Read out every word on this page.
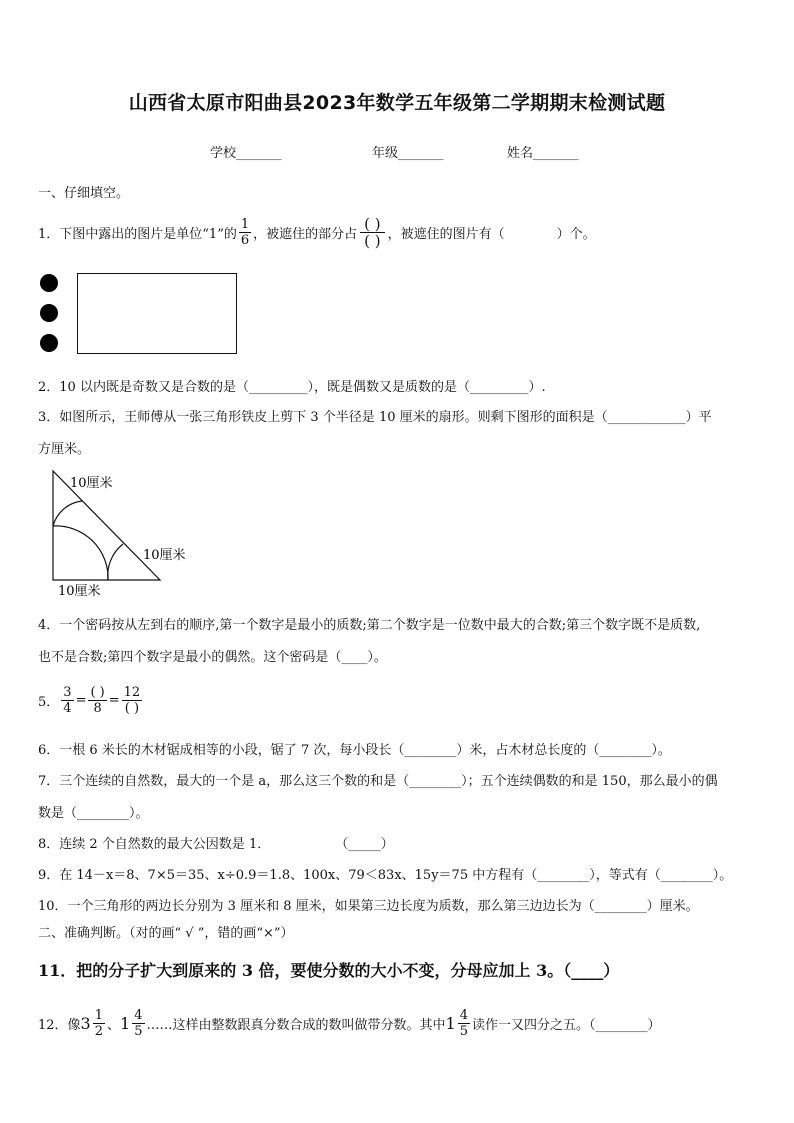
山西省太原市阳曲县2023年数学五年级第二学期期末检测试题
学校_______	年级_______	姓名_______
一、仔细填空。
1．下图中露出的图片是单位“1”的 $\frac{1}{6}$ ，被遮住的部分占 $\frac{( )}{( )}$ ，被遮住的图片有（　　　　）个。
2．10 以内既是奇数又是合数的是（_________），既是偶数又是质数的是（_________）.
3．如图所示，王师傅从一张三角形铁皮上剪下 3 个半径是 10 厘米的扇形。则剩下图形的面积是（____________）平
方厘米。
10厘米
10厘米
10厘米
4．一个密码按从左到右的顺序,第一个数字是最小的质数;第二个数字是一位数中最大的合数;第三个数字既不是质数,
也不是合数;第四个数字是最小的偶然。这个密码是（____）。
5． $\frac{3}{4} = \frac{( )}{8} = \frac{12}{( )}$
6．一根 6 米长的木材锯成相等的小段，锯了 7 次，每小段长（________）米，占木材总长度的（________）。
7．三个连续的自然数，最大的一个是 a，那么这三个数的和是（________）；五个连续偶数的和是 150，那么最小的偶
数是（________）。
8．连续 2 个自然数的最大公因数是 1．　　　　　　（_____）
9．在 14－x＝8、7×5＝35、x÷0.9＝1.8、100x、79＜83x、15y＝75 中方程有（________），等式有（________）。
10．一个三角形的两边长分别为 3 厘米和 8 厘米，如果第三边长度为质数，那么第三边边长为（________）厘米。
二、准确判断。（对的画“ √ ”，错的画“×”）
11．把的分子扩大到原来的 3 倍，要使分数的大小不变，分母应加上 3。（____）
12．像 $3 \frac{1}{2}$ 、 $1 \frac{4}{5}$ ……这样由整数跟真分数合成的数叫做带分数。其中 $1 \frac{4}{5}$ 读作一又四分之五。（________）
